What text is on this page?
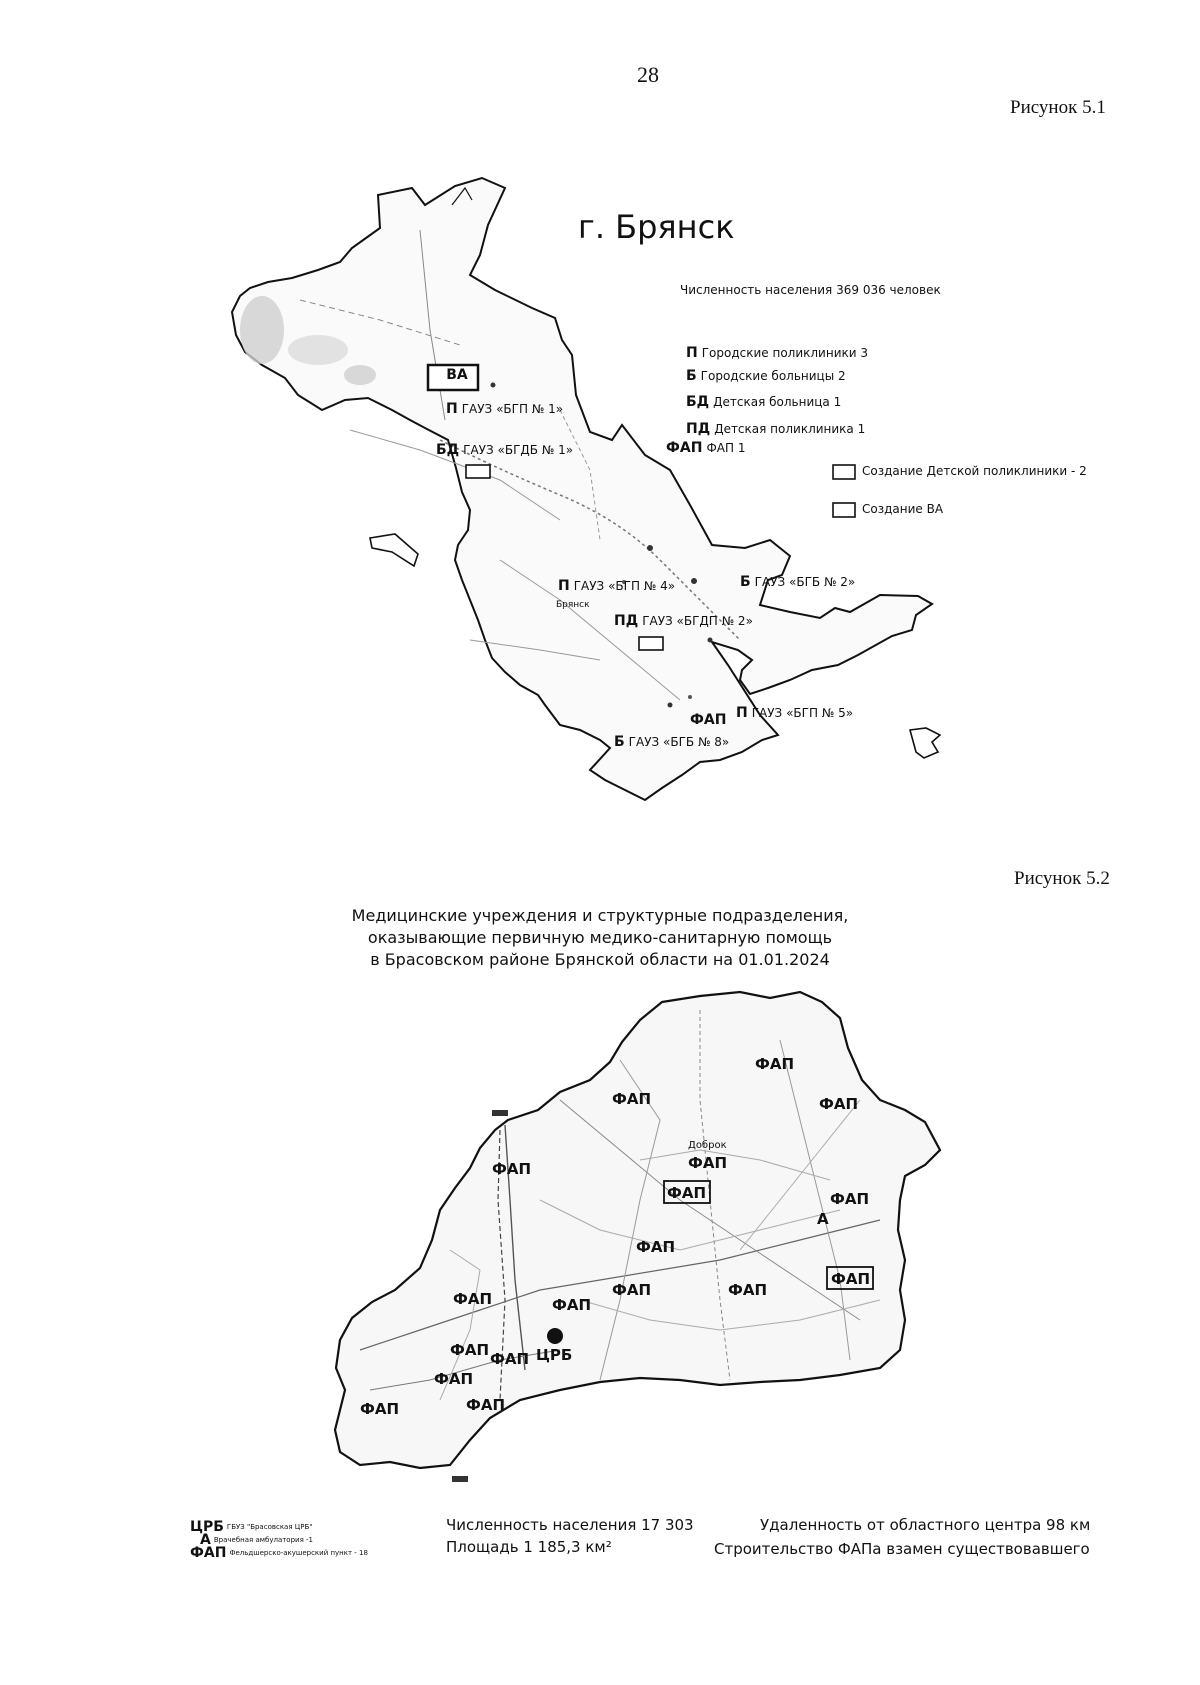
28
Рисунок 5.1
г. Брянск
Численность населения 369 036 человек
П Городские поликлиники 3
Б Городские больницы 2
БД Детская больница 1
ПД Детская поликлиника 1
ФАП ФАП 1
Создание Детской поликлиники - 2
Создание ВА
ВА
П ГАУЗ «БГП № 1»
БД ГАУЗ «БГДБ № 1»
П ГАУЗ «БГП № 4»
Брянск
Б ГАУЗ «БГБ № 2»
ПД ГАУЗ «БГДП № 2»
ФАП П ГАУЗ «БГП № 5»
Б ГАУЗ «БГБ № 8»
Рисунок 5.2
Медицинские учреждения и структурные подразделения,
оказывающие первичную медико-санитарную помощь
в Брасовском районе Брянской области на 01.01.2024
ФАП
ФАП	ФАП
Доброк
ФАП
ФАП
ФАП	ФАП
А
ФАП
ФАП	ФАП
ФАП
ФАП	ФАП
ФАП ФАП ЦРБ
ФАП
ФАП	ФАП
ЦРБ ГБУЗ "Брасовская ЦРБ"
А Врачебная амбулатория -1
ФАП Фельдшерско-акушерский пункт - 18
Численность населения 17 303
Площадь 1 185,3 км²
Удаленность от областного центра 98 км
Строительство ФАПа взамен существовавшего
